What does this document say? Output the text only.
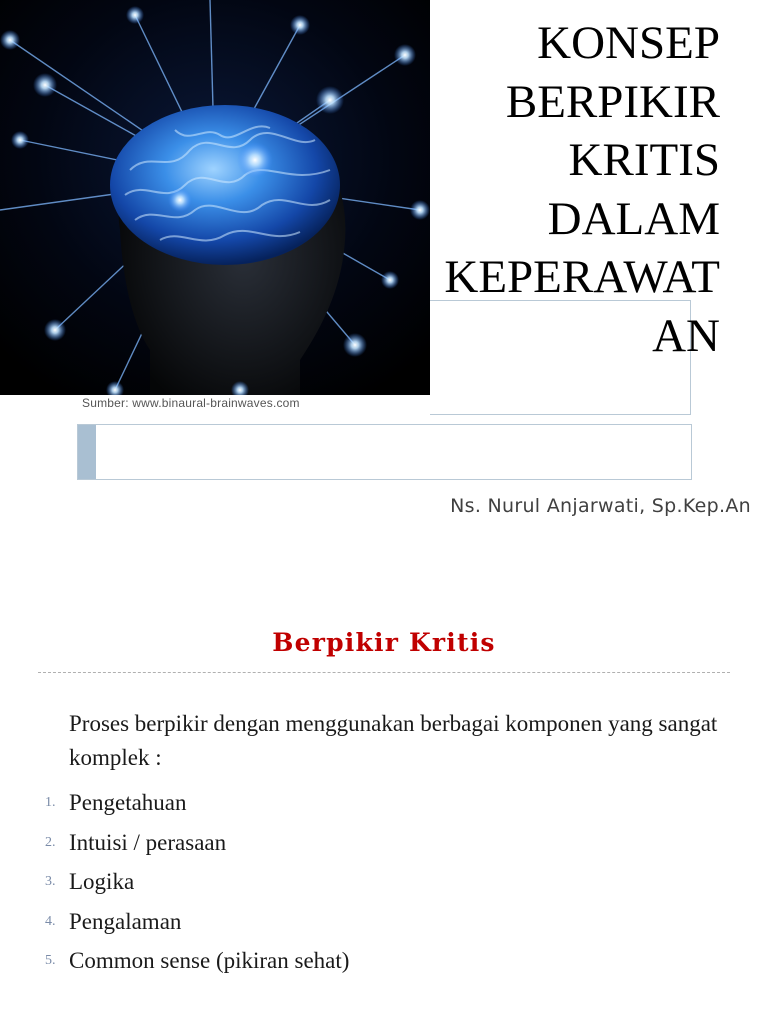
Sumber: www.binaural-brainwaves.com
KONSEP
BERPIKIR
KRITIS
DALAM
KEPERAWAT
AN
Ns. Nurul Anjarwati, Sp.Kep.An
Berpikir Kritis
Proses berpikir dengan menggunakan berbagai komponen yang sangat komplek :
1. Pengetahuan
2. Intuisi / perasaan
3. Logika
4. Pengalaman
5. Common sense (pikiran sehat)
